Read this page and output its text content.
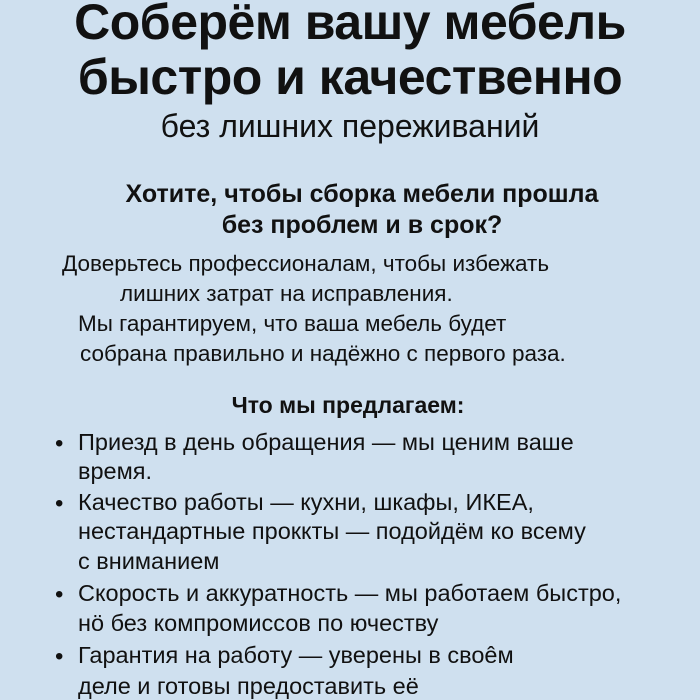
Соберём вашу мебель
быстро и качественно
без лишних переживаний
Хотите, чтобы сборка мебели прошла
без проблем и в срок?
Доверьтесь профессионалам, чтобы избежать
лишних затрат на исправления.
Мы гарантируем, что ваша мебель будет
собрана правильно и надёжно с первого раза.
Что мы предлагаем:
• Приезд в день обращения — мы ценим ваше
время.
• Качество работы — кухни, шкафы, ИКЕА,
нестандартные проккты — подойдём ко всему
с вниманием
• Скорость и аккуратность — мы работаем быстро,
нӧ без компромиссов по ючеству
• Гарантия на работу — уверены в своêм
деле и готовы предоставить её
